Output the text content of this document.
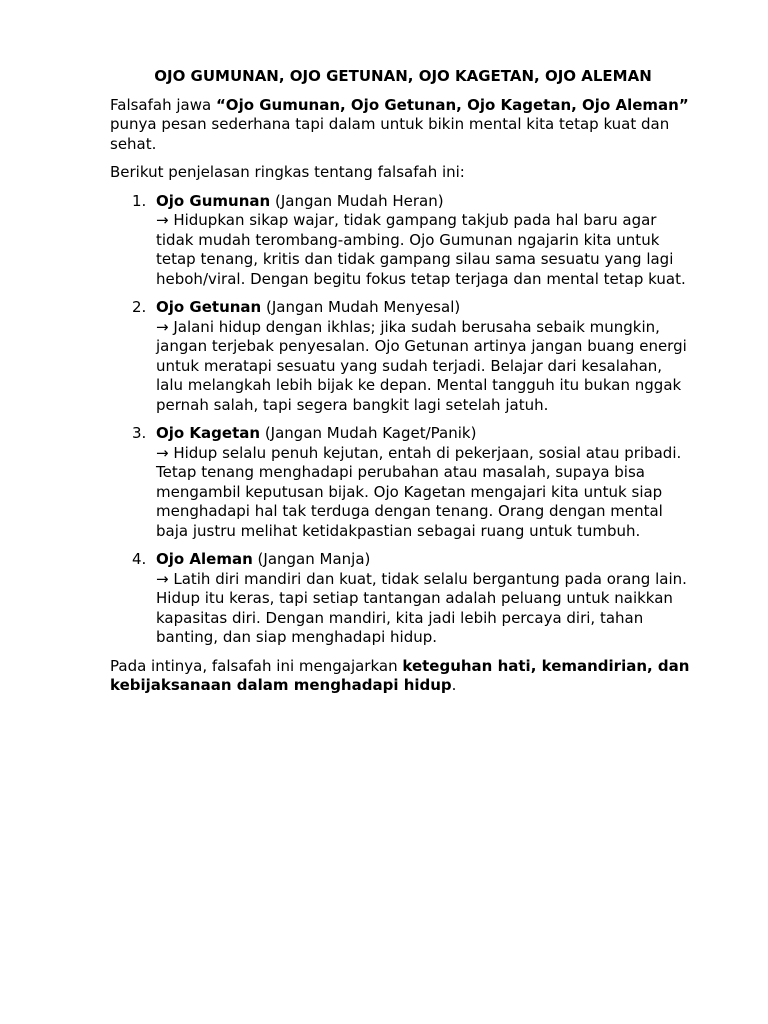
OJO GUMUNAN, OJO GETUNAN, OJO KAGETAN, OJO ALEMAN

Falsafah jawa “Ojo Gumunan, Ojo Getunan, Ojo Kagetan, Ojo Aleman” punya pesan sederhana tapi dalam untuk bikin mental kita tetap kuat dan sehat.

Berikut penjelasan ringkas tentang falsafah ini:

1. Ojo Gumunan (Jangan Mudah Heran)
→ Hidupkan sikap wajar, tidak gampang takjub pada hal baru agar tidak mudah terombang-ambing. Ojo Gumunan ngajarin kita untuk tetap tenang, kritis dan tidak gampang silau sama sesuatu yang lagi heboh/viral. Dengan begitu fokus tetap terjaga dan mental tetap kuat.
2. Ojo Getunan (Jangan Mudah Menyesal)
→ Jalani hidup dengan ikhlas; jika sudah berusaha sebaik mungkin, jangan terjebak penyesalan. Ojo Getunan artinya jangan buang energi untuk meratapi sesuatu yang sudah terjadi. Belajar dari kesalahan, lalu melangkah lebih bijak ke depan. Mental tangguh itu bukan nggak pernah salah, tapi segera bangkit lagi setelah jatuh.
3. Ojo Kagetan (Jangan Mudah Kaget/Panik)
→ Hidup selalu penuh kejutan, entah di pekerjaan, sosial atau pribadi. Tetap tenang menghadapi perubahan atau masalah, supaya bisa mengambil keputusan bijak. Ojo Kagetan mengajari kita untuk siap menghadapi hal tak terduga dengan tenang. Orang dengan mental baja justru melihat ketidakpastian sebagai ruang untuk tumbuh.
4. Ojo Aleman (Jangan Manja)
→ Latih diri mandiri dan kuat, tidak selalu bergantung pada orang lain. Hidup itu keras, tapi setiap tantangan adalah peluang untuk naikkan kapasitas diri. Dengan mandiri, kita jadi lebih percaya diri, tahan banting, dan siap menghadapi hidup.

Pada intinya, falsafah ini mengajarkan keteguhan hati, kemandirian, dan kebijaksanaan dalam menghadapi hidup.
